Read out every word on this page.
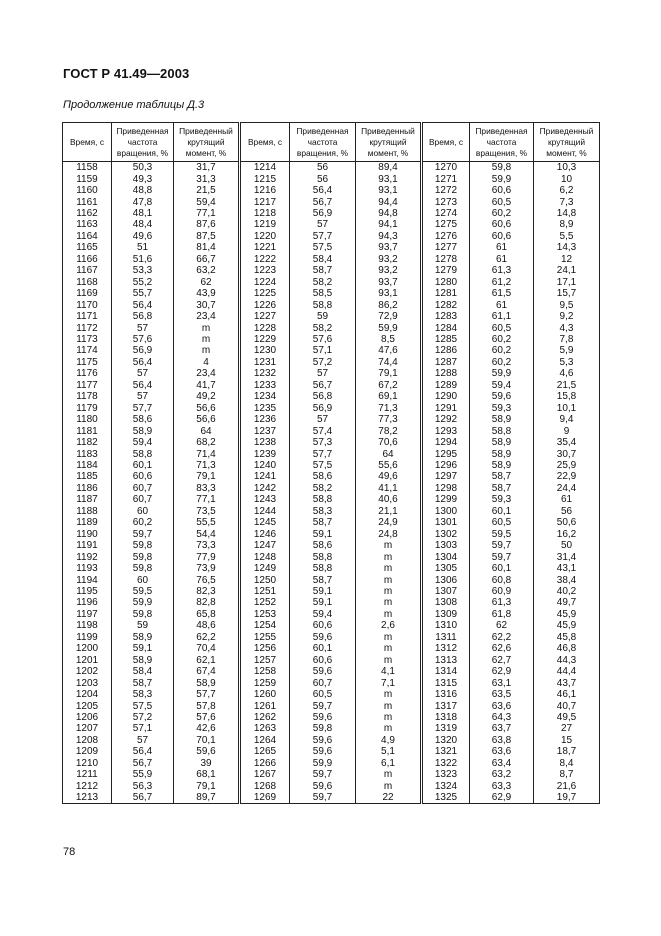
ГОСТ Р 41.49—2003
Продолжение таблицы Д.3
Время, с	Приведенная частота вращения, %	Приведенный крутящий момент, %	Время, с	Приведенная частота вращения, %	Приведенный крутящий момент, %	Время, с	Приведенная частота вращения, %	Приведенный крутящий момент, %
1158	50,3	31,7	1214	56	89,4	1270	59,8	10,3
1159	49,3	31,3	1215	56	93,1	1271	59,9	10
1160	48,8	21,5	1216	56,4	93,1	1272	60,6	6,2
1161	47,8	59,4	1217	56,7	94,4	1273	60,5	7,3
1162	48,1	77,1	1218	56,9	94,8	1274	60,2	14,8
1163	48,4	87,6	1219	57	94,1	1275	60,6	8,9
1164	49,6	87,5	1220	57,7	94,3	1276	60,6	5,5
1165	51	81,4	1221	57,5	93,7	1277	61	14,3
1166	51,6	66,7	1222	58,4	93,2	1278	61	12
1167	53,3	63,2	1223	58,7	93,2	1279	61,3	24,1
1168	55,2	62	1224	58,2	93,7	1280	61,2	17,1
1169	55,7	43,9	1225	58,5	93,1	1281	61,5	15,7
1170	56,4	30,7	1226	58,8	86,2	1282	61	9,5
1171	56,8	23,4	1227	59	72,9	1283	61,1	9,2
1172	57	m	1228	58,2	59,9	1284	60,5	4,3
1173	57,6	m	1229	57,6	8,5	1285	60,2	7,8
1174	56,9	m	1230	57,1	47,6	1286	60,2	5,9
1175	56,4	4	1231	57,2	74,4	1287	60,2	5,3
1176	57	23,4	1232	57	79,1	1288	59,9	4,6
1177	56,4	41,7	1233	56,7	67,2	1289	59,4	21,5
1178	57	49,2	1234	56,8	69,1	1290	59,6	15,8
1179	57,7	56,6	1235	56,9	71,3	1291	59,3	10,1
1180	58,6	56,6	1236	57	77,3	1292	58,9	9,4
1181	58,9	64	1237	57,4	78,2	1293	58,8	9
1182	59,4	68,2	1238	57,3	70,6	1294	58,9	35,4
1183	58,8	71,4	1239	57,7	64	1295	58,9	30,7
1184	60,1	71,3	1240	57,5	55,6	1296	58,9	25,9
1185	60,6	79,1	1241	58,6	49,6	1297	58,7	22,9
1186	60,7	83,3	1242	58,2	41,1	1298	58,7	24,4
1187	60,7	77,1	1243	58,8	40,6	1299	59,3	61
1188	60	73,5	1244	58,3	21,1	1300	60,1	56
1189	60,2	55,5	1245	58,7	24,9	1301	60,5	50,6
1190	59,7	54,4	1246	59,1	24,8	1302	59,5	16,2
1191	59,8	73,3	1247	58,6	m	1303	59,7	50
1192	59,8	77,9	1248	58,8	m	1304	59,7	31,4
1193	59,8	73,9	1249	58,8	m	1305	60,1	43,1
1194	60	76,5	1250	58,7	m	1306	60,8	38,4
1195	59,5	82,3	1251	59,1	m	1307	60,9	40,2
1196	59,9	82,8	1252	59,1	m	1308	61,3	49,7
1197	59,8	65,8	1253	59,4	m	1309	61,8	45,9
1198	59	48,6	1254	60,6	2,6	1310	62	45,9
1199	58,9	62,2	1255	59,6	m	1311	62,2	45,8
1200	59,1	70,4	1256	60,1	m	1312	62,6	46,8
1201	58,9	62,1	1257	60,6	m	1313	62,7	44,3
1202	58,4	67,4	1258	59,6	4,1	1314	62,9	44,4
1203	58,7	58,9	1259	60,7	7,1	1315	63,1	43,7
1204	58,3	57,7	1260	60,5	m	1316	63,5	46,1
1205	57,5	57,8	1261	59,7	m	1317	63,6	40,7
1206	57,2	57,6	1262	59,6	m	1318	64,3	49,5
1207	57,1	42,6	1263	59,8	m	1319	63,7	27
1208	57	70,1	1264	59,6	4,9	1320	63,8	15
1209	56,4	59,6	1265	59,6	5,1	1321	63,6	18,7
1210	56,7	39	1266	59,9	6,1	1322	63,4	8,4
1211	55,9	68,1	1267	59,7	m	1323	63,2	8,7
1212	56,3	79,1	1268	59,6	m	1324	63,3	21,6
1213	56,7	89,7	1269	59,7	22	1325	62,9	19,7
78
